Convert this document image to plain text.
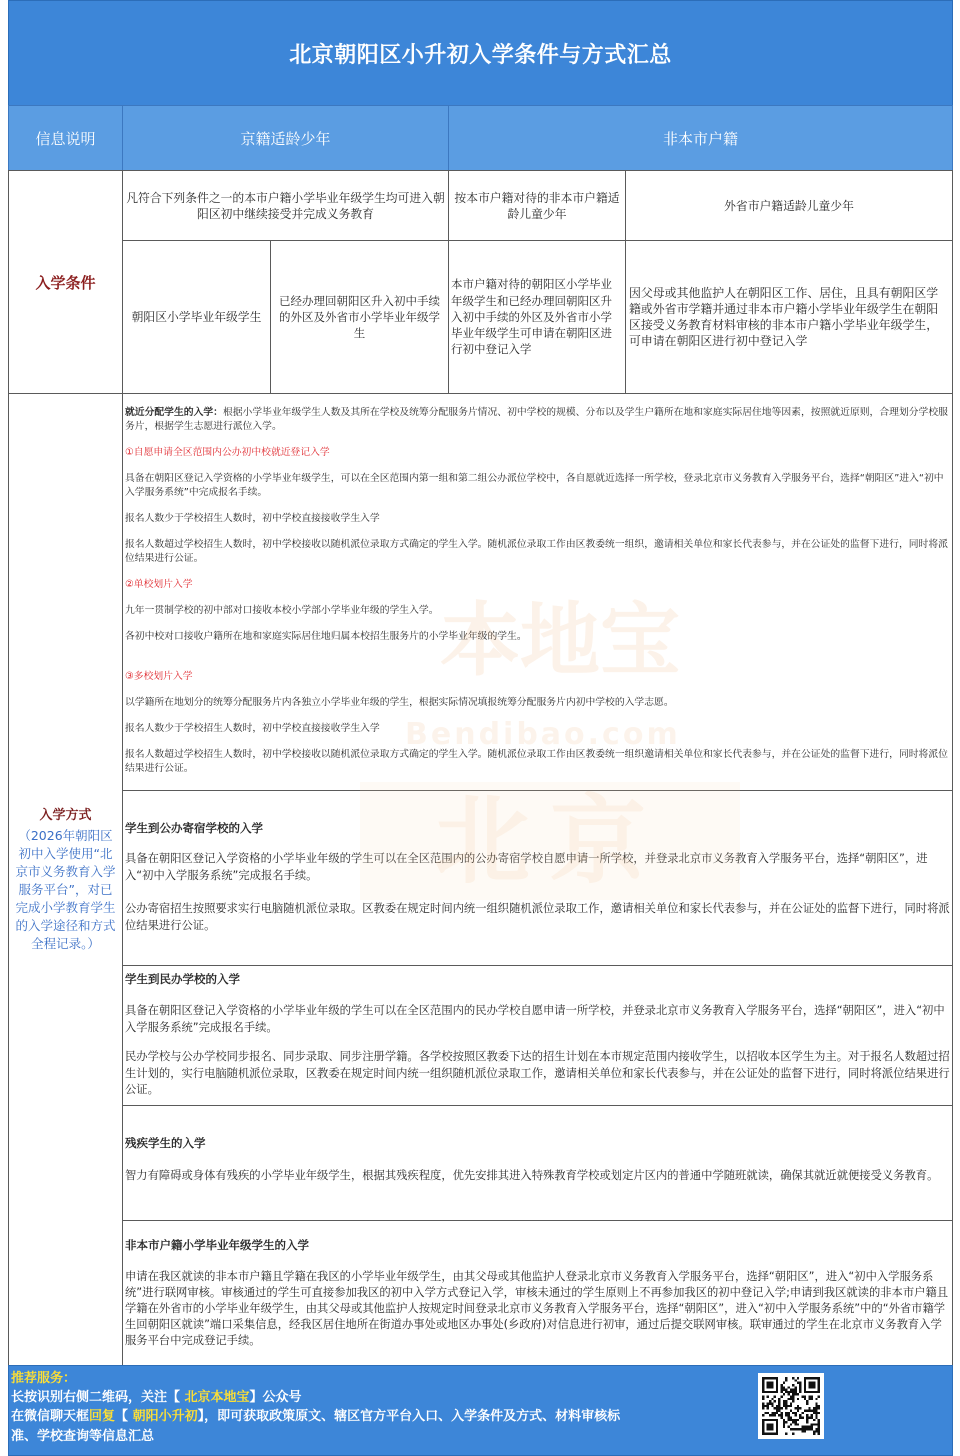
北京朝阳区小升初入学条件与方式汇总
信息说明	京籍适龄少年	非本市户籍
入学条件
凡符合下列条件之一的本市户籍小学毕业年级学生均可进入朝阳区初中继续接受并完成义务教育
按本市户籍对待的非本市户籍适龄儿童少年
外省市户籍适龄儿童少年
朝阳区小学毕业年级学生
已经办理回朝阳区升入初中手续的外区及外省市小学毕业年级学生
本市户籍对待的朝阳区小学毕业年级学生和已经办理回朝阳区升入初中手续的外区及外省市小学毕业年级学生可申请在朝阳区进行初中登记入学
因父母或其他监护人在朝阳区工作、居住，且具有朝阳区学籍或外省市学籍并通过非本市户籍小学毕业年级学生在朝阳区接受义务教育材料审核的非本市户籍小学毕业年级学生，可申请在朝阳区进行初中登记入学
入学方式
（2026年朝阳区初中入学使用“北京市义务教育入学服务平台”，对已完成小学教育学生的入学途径和方式全程记录。）

就近分配学生的入学：根据小学毕业年级学生人数及其所在学校及统筹分配服务片情况、初中学校的规模、分布以及学生户籍所在地和家庭实际居住地等因素，按照就近原则，合理划分学校服务片，根据学生志愿进行派位入学。

①自愿申请全区范围内公办初中校就近登记入学

具备在朝阳区登记入学资格的小学毕业年级学生，可以在全区范围内第一组和第二组公办派位学校中，各自愿就近选择一所学校，登录北京市义务教育入学服务平台，选择“朝阳区”进入“初中入学服务系统”中完成报名手续。

报名人数少于学校招生人数时，初中学校直接接收学生入学

报名人数超过学校招生人数时，初中学校接收以随机派位录取方式确定的学生入学。随机派位录取工作由区教委统一组织，邀请相关单位和家长代表参与，并在公证处的监督下进行，同时将派位结果进行公证。

②单校划片入学

九年一贯制学校的初中部对口接收本校小学部小学毕业年级的学生入学。

各初中校对口接收户籍所在地和家庭实际居住地归属本校招生服务片的小学毕业年级的学生。

③多校划片入学

以学籍所在地划分的统筹分配服务片内各独立小学毕业年级的学生，根据实际情况填报统筹分配服务片内初中学校的入学志愿。

报名人数少于学校招生人数时，初中学校直接接收学生入学

报名人数超过学校招生人数时，初中学校接收以随机派位录取方式确定的学生入学。随机派位录取工作由区教委统一组织邀请相关单位和家长代表参与，并在公证处的监督下进行，同时将派位结果进行公证。

学生到公办寄宿学校的入学

具备在朝阳区登记入学资格的小学毕业年级的学生可以在全区范围内的公办寄宿学校自愿申请一所学校，并登录北京市义务教育入学服务平台，选择“朝阳区”，进入“初中入学服务系统”完成报名手续。

公办寄宿招生按照要求实行电脑随机派位录取。区教委在规定时间内统一组织随机派位录取工作，邀请相关单位和家长代表参与，并在公证处的监督下进行，同时将派位结果进行公证。

学生到民办学校的入学

具备在朝阳区登记入学资格的小学毕业年级的学生可以在全区范围内的民办学校自愿申请一所学校，并登录北京市义务教育入学服务平台，选择“朝阳区”，进入“初中入学服务系统”完成报名手续。

民办学校与公办学校同步报名、同步录取、同步注册学籍。各学校按照区教委下达的招生计划在本市规定范围内接收学生，以招收本区学生为主。对于报名人数超过招生计划的，实行电脑随机派位录取，区教委在规定时间内统一组织随机派位录取工作，邀请相关单位和家长代表参与，并在公证处的监督下进行，同时将派位结果进行公证。

残疾学生的入学

智力有障碍或身体有残疾的小学毕业年级学生，根据其残疾程度，优先安排其进入特殊教育学校或划定片区内的普通中学随班就读，确保其就近就便接受义务教育。

非本市户籍小学毕业年级学生的入学

申请在我区就读的非本市户籍且学籍在我区的小学毕业年级学生，由其父母或其他监护人登录北京市义务教育入学服务平台，选择“朝阳区”，进入“初中入学服务系统”进行联网审核。审核通过的学生可直接参加我区的初中入学方式登记入学，审核未通过的学生原则上不再参加我区的初中登记入学;申请到我区就读的非本市户籍且学籍在外省市的小学毕业年级学生，由其父母或其他监护人按规定时间登录北京市义务教育入学服务平台，选择“朝阳区”，进入“初中入学服务系统”中的“外省市籍学生回朝阳区就读”端口采集信息，经我区居住地所在街道办事处或地区办事处(乡政府)对信息进行初审，通过后提交联网审核。联审通过的学生在北京市义务教育入学服务平台中完成登记手续。

推荐服务：
长按识别右侧二维码，关注【 北京本地宝】公众号
在微信聊天框回复【 朝阳小升初】，即可获取政策原文、辖区官方平台入口、入学条件及方式、材料审核标准、学校查询等信息汇总
